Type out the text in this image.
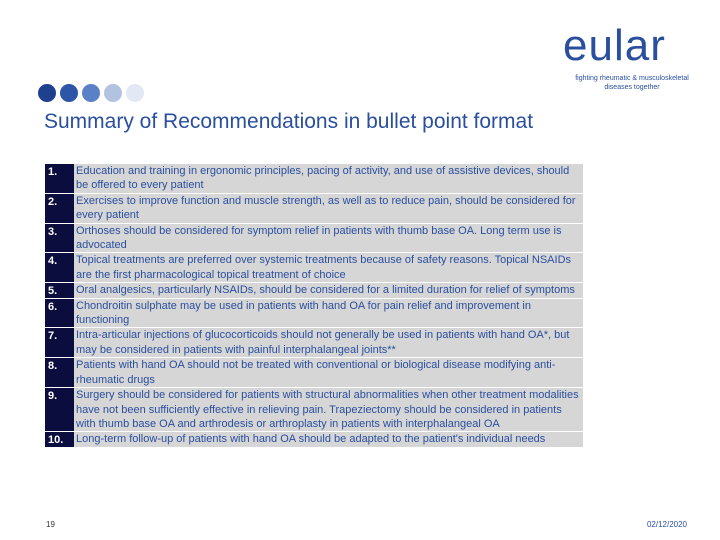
eular
fighting rheumatic & musculoskeletal
diseases together
Summary of Recommendations in bullet point format
1.	Education and training in ergonomic principles, pacing of activity, and use of assistive devices, should be offered to every patient
2.	Exercises to improve function and muscle strength, as well as to reduce pain, should be considered for every patient
3.	Orthoses should be considered for symptom relief in patients with thumb base OA. Long term use is advocated
4.	Topical treatments are preferred over systemic treatments because of safety reasons. Topical NSAIDs are the first pharmacological topical treatment of choice
5.	Oral analgesics, particularly NSAIDs, should be considered for a limited duration for relief of symptoms
6.	Chondroitin sulphate may be used in patients with hand OA for pain relief and improvement in functioning
7.	Intra-articular injections of glucocorticoids should not generally be used in patients with hand OA*, but may be considered in patients with painful interphalangeal joints**
8.	Patients with hand OA should not be treated with conventional or biological disease modifying anti-rheumatic drugs
9.	Surgery should be considered for patients with structural abnormalities when other treatment modalities have not been sufficiently effective in relieving pain. Trapeziectomy should be considered in patients with thumb base OA and arthrodesis or arthroplasty in patients with interphalangeal OA
10.	Long-term follow-up of patients with hand OA should be adapted to the patient's individual needs
19	02/12/2020
